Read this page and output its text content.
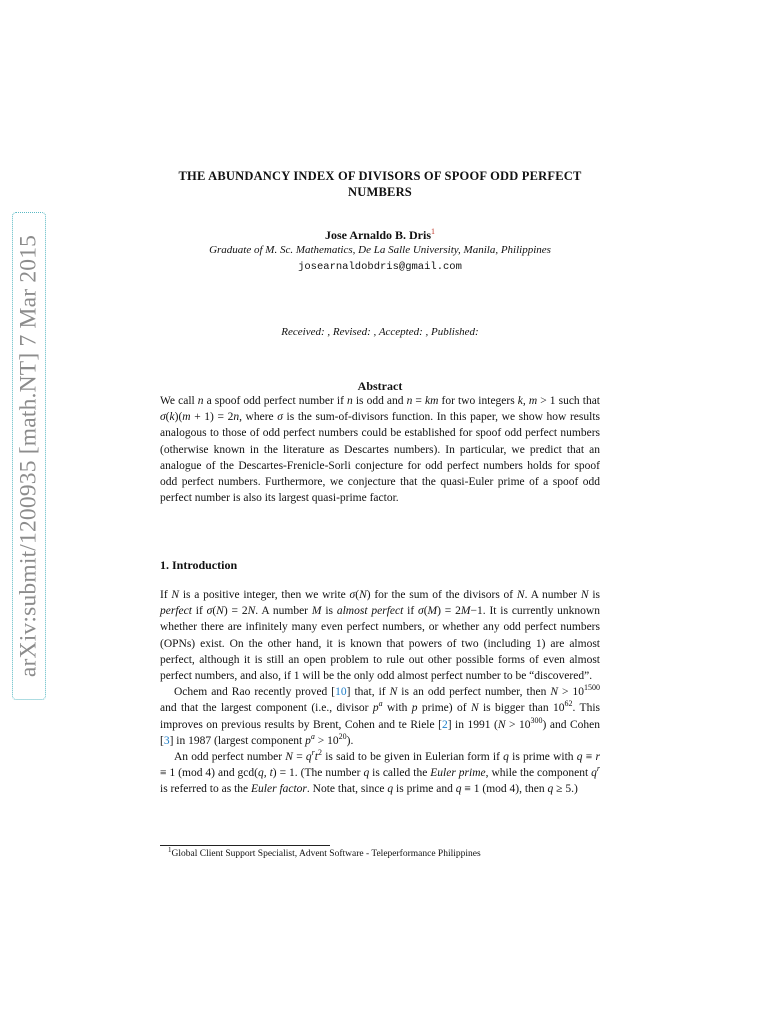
arXiv:submit/1200935 [math.NT] 7 Mar 2015
THE ABUNDANCY INDEX OF DIVISORS OF SPOOF ODD PERFECT NUMBERS
Jose Arnaldo B. Dris$^1$
Graduate of M. Sc. Mathematics, De La Salle University, Manila, Philippines
josearnaldobdris@gmail.com
Received: , Revised: , Accepted: , Published:
Abstract
We call n a spoof odd perfect number if n is odd and n = km for two integers k, m > 1 such that σ(k)(m + 1) = 2n, where σ is the sum-of-divisors function. In this paper, we show how results analogous to those of odd perfect numbers could be established for spoof odd perfect numbers (otherwise known in the literature as Descartes numbers). In particular, we predict that an analogue of the Descartes-Frenicle-Sorli conjecture for odd perfect numbers holds for spoof odd perfect numbers. Furthermore, we conjecture that the quasi-Euler prime of a spoof odd perfect number is also its largest quasi-prime factor.
1. Introduction

If N is a positive integer, then we write σ(N) for the sum of the divisors of N. A number N is perfect if σ(N) = 2N. A number M is almost perfect if σ(M) = 2M−1. It is currently unknown whether there are infinitely many even perfect numbers, or whether any odd perfect numbers (OPNs) exist. On the other hand, it is known that powers of two (including 1) are almost perfect, although it is still an open problem to rule out other possible forms of even almost perfect numbers, and also, if 1 will be the only odd almost perfect number to be “discovered”.

Ochem and Rao recently proved [10] that, if N is an odd perfect number, then $N > 10^{1500}$ and that the largest component (i.e., divisor $p^a$ with p prime) of N is bigger than $10^{62}$. This improves on previous results by Brent, Cohen and te Riele [2] in 1991 $(N > 10^{300})$ and Cohen [3] in 1987 (largest component $p^a > 10^{20}$).

An odd perfect number $N = q^rt^2$ is said to be given in Eulerian form if q is prime with q ≡ r ≡ 1 (mod 4) and gcd(q, t) = 1. (The number q is called the Euler prime, while the component $q^r$ is referred to as the Euler factor. Note that, since q is prime and q ≡ 1 (mod 4), then q ≥ 5.)

$^1$Global Client Support Specialist, Advent Software - Teleperformance Philippines
